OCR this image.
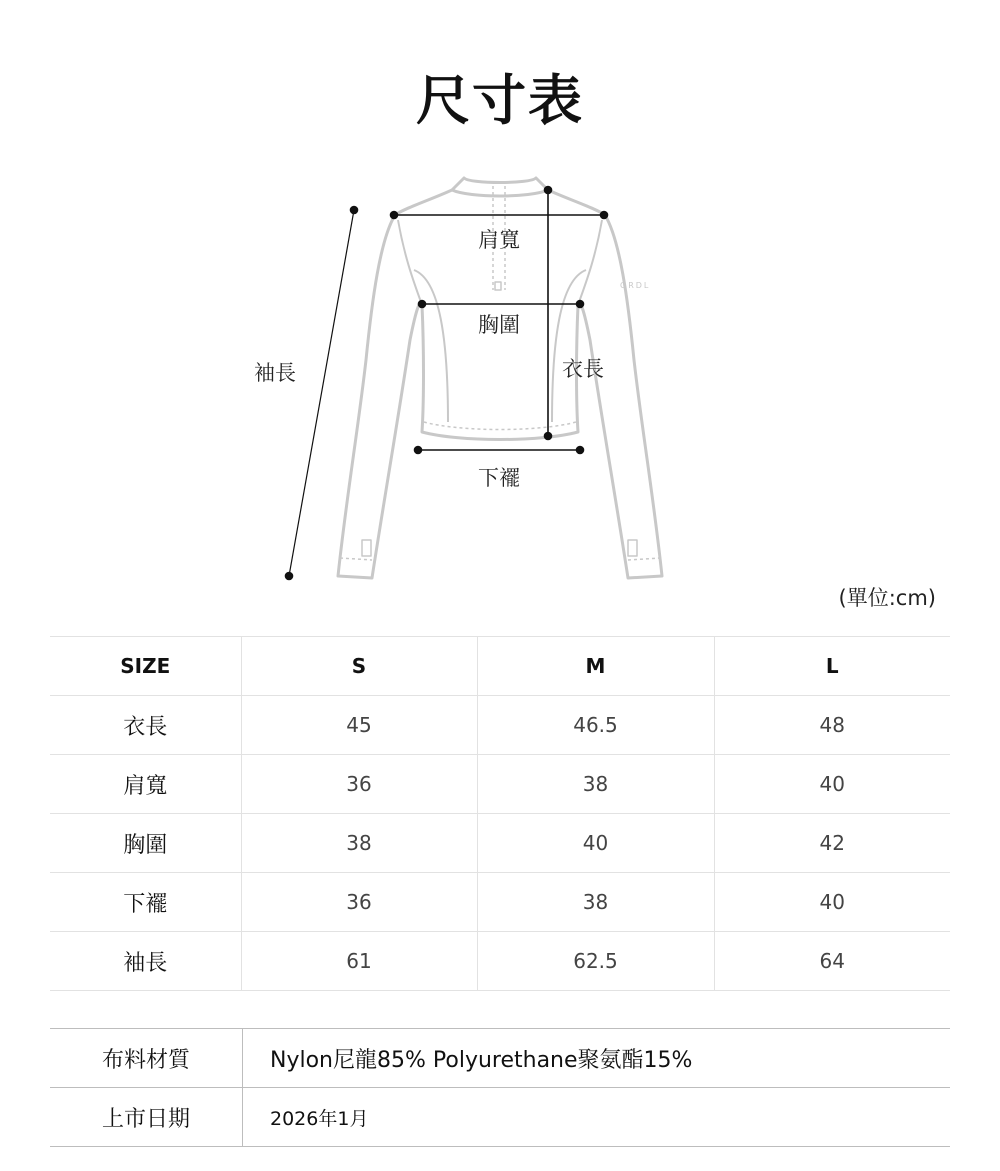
尺寸表
GRDL
肩寬
胸圍
袖長	衣長
下襬
(單位:cm)
SIZE	S	M	L
衣長	45	46.5	48
肩寬	36	38	40
胸圍	38	40	42
下襬	36	38	40
袖長	61	62.5	64
布料材質	Nylon尼龍85% Polyurethane聚氨酯15%
上市日期	2026年1月
